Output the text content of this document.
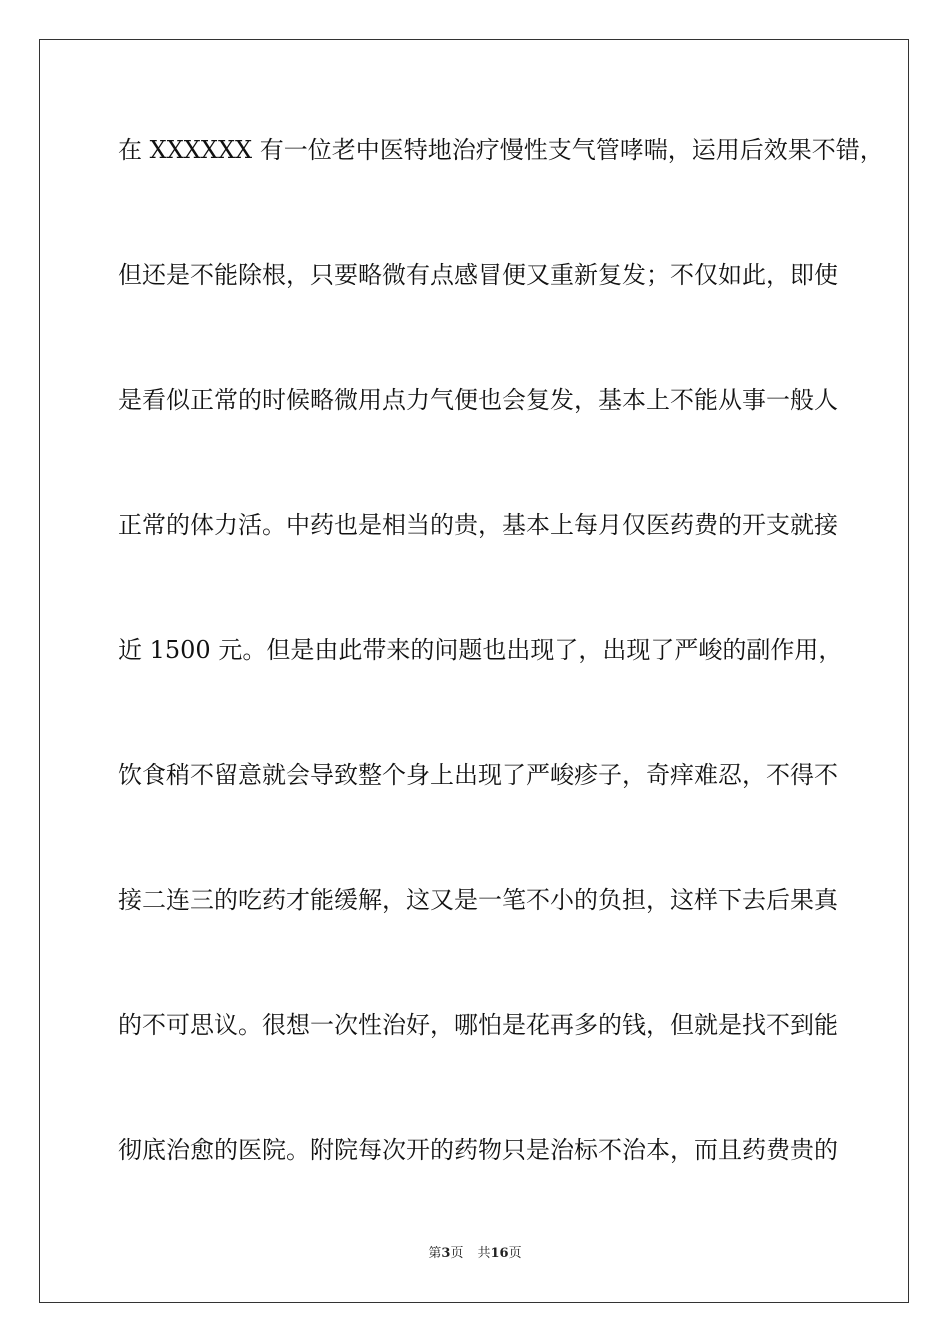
在 XXXXXX 有一位老中医特地治疗慢性支气管哮喘，运用后效果不错，
但还是不能除根，只要略微有点感冒便又重新复发；不仅如此，即使
是看似正常的时候略微用点力气便也会复发，基本上不能从事一般人
正常的体力活。中药也是相当的贵，基本上每月仅医药费的开支就接
近 1500 元。但是由此带来的问题也出现了，出现了严峻的副作用，
饮食稍不留意就会导致整个身上出现了严峻疹子，奇痒难忍，不得不
接二连三的吃药才能缓解，这又是一笔不小的负担，这样下去后果真
的不可思议。很想一次性治好，哪怕是花再多的钱，但就是找不到能
彻底治愈的医院。附院每次开的药物只是治标不治本，而且药费贵的
第3页 共16页
